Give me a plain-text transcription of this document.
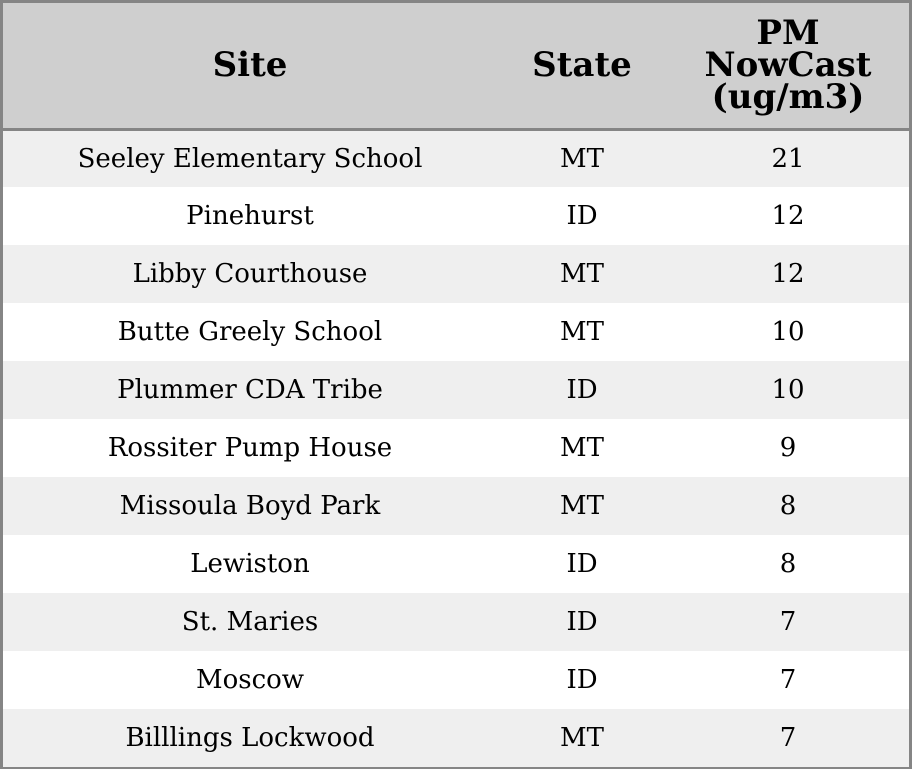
Site	State	PM
NowCast
(ug/m3)

Seeley Elementary School	MT	21
Pinehurst	ID	12
Libby Courthouse	MT	12
Butte Greely School	MT	10
Plummer CDA Tribe	ID	10
Rossiter Pump House	MT	9
Missoula Boyd Park	MT	8
Lewiston	ID	8
St. Maries	ID	7
Moscow	ID	7
Billlings Lockwood	MT	7
